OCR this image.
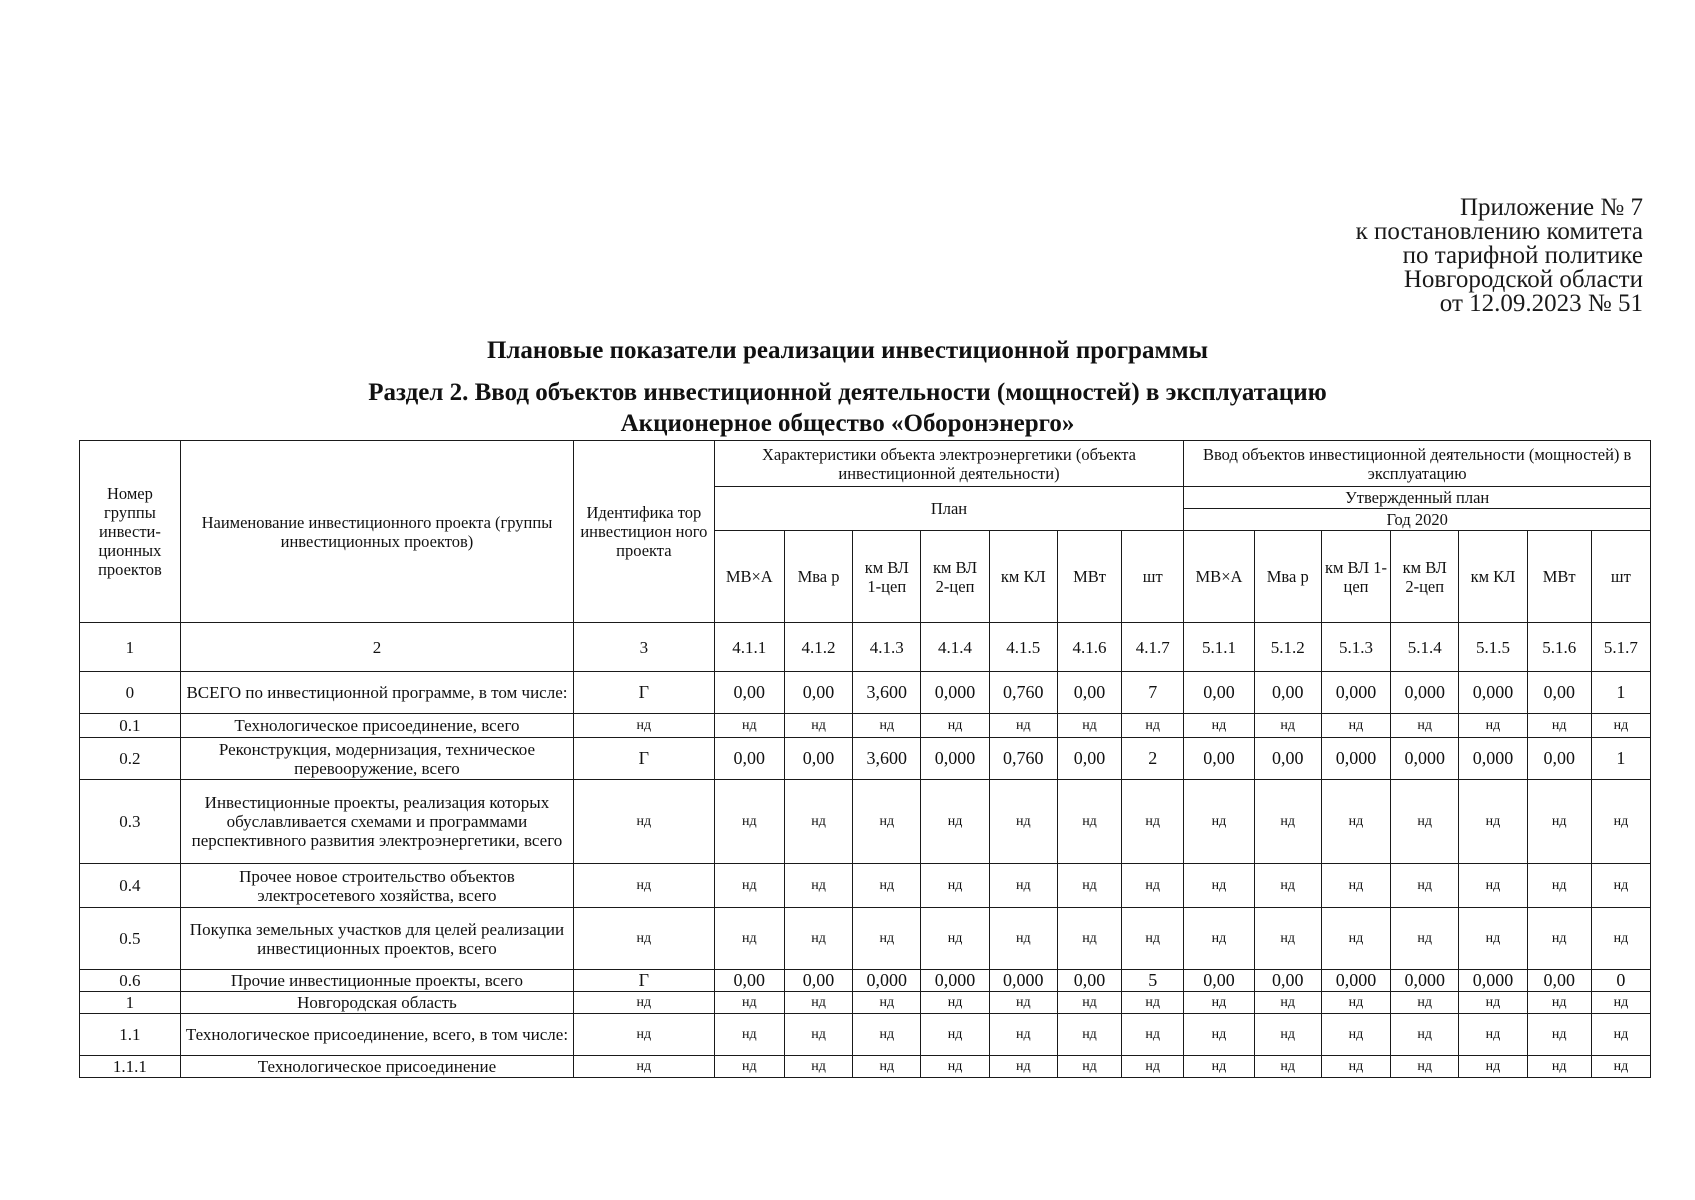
Приложение № 7
к постановлению комитета
по тарифной политике
Новгородской области
от 12.09.2023 № 51
Плановые показатели реализации инвестиционной программы
Раздел 2. Ввод объектов инвестиционной деятельности (мощностей) в эксплуатацию
Акционерное общество «Оборонэнерго»
Номер группы инвести-ционных проектов	Наименование инвестиционного проекта (группы инвестиционных проектов)	Идентифика тор инвестицион ного проекта	Характеристики объекта электроэнергетики (объекта инвестиционной деятельности)							Ввод объектов инвестиционной деятельности (мощностей) в эксплуатацию						
			План							Утвержденный план						
										Год 2020						
			МВ×А	Мва р	км ВЛ 1-цеп	км ВЛ 2-цеп	км КЛ	МВт	шт	МВ×А	Мва р	км ВЛ 1-цеп	км ВЛ 2-цеп	км КЛ	МВт	шт
1	2	3	4.1.1	4.1.2	4.1.3	4.1.4	4.1.5	4.1.6	4.1.7	5.1.1	5.1.2	5.1.3	5.1.4	5.1.5	5.1.6	5.1.7
0	ВСЕГО по инвестиционной программе, в том числе:	Г	0,00	0,00	3,600	0,000	0,760	0,00	7	0,00	0,00	0,000	0,000	0,000	0,00	1
0.1	Технологическое присоединение, всего	нд	нд	нд	нд	нд	нд	нд	нд	нд	нд	нд	нд	нд	нд	нд
0.2	Реконструкция, модернизация, техническое перевооружение, всего	Г	0,00	0,00	3,600	0,000	0,760	0,00	2	0,00	0,00	0,000	0,000	0,000	0,00	1
0.3	Инвестиционные проекты, реализация которых обуславливается схемами и программами перспективного развития электроэнергетики, всего	нд	нд	нд	нд	нд	нд	нд	нд	нд	нд	нд	нд	нд	нд	нд
0.4	Прочее новое строительство объектов электросетевого хозяйства, всего	нд	нд	нд	нд	нд	нд	нд	нд	нд	нд	нд	нд	нд	нд	нд
0.5	Покупка земельных участков для целей реализации инвестиционных проектов, всего	нд	нд	нд	нд	нд	нд	нд	нд	нд	нд	нд	нд	нд	нд	нд
0.6	Прочие инвестиционные проекты, всего	Г	0,00	0,00	0,000	0,000	0,000	0,00	5	0,00	0,00	0,000	0,000	0,000	0,00	0
1	Новгородская область	нд	нд	нд	нд	нд	нд	нд	нд	нд	нд	нд	нд	нд	нд	нд
1.1	Технологическое присоединение, всего, в том числе:	нд	нд	нд	нд	нд	нд	нд	нд	нд	нд	нд	нд	нд	нд	нд
1.1.1	Технологическое присоединение	нд	нд	нд	нд	нд	нд	нд	нд	нд	нд	нд	нд	нд	нд	нд
